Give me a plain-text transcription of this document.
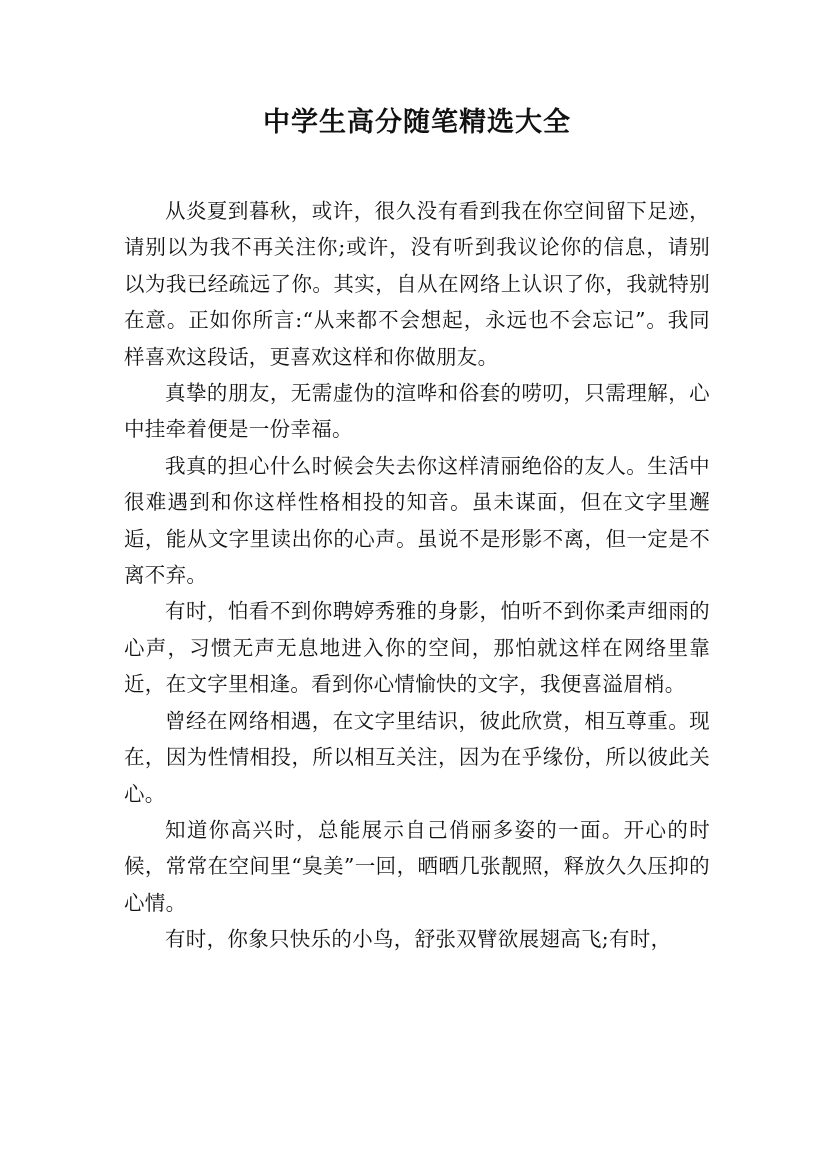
中学生高分随笔精选大全

从炎夏到暮秋，或许，很久没有看到我在你空间留下足迹，请别以为我不再关注你;或许，没有听到我议论你的信息，请别以为我已经疏远了你。其实，自从在网络上认识了你，我就特别在意。正如你所言:“从来都不会想起，永远也不会忘记”。我同样喜欢这段话，更喜欢这样和你做朋友。

真挚的朋友，无需虚伪的渲哗和俗套的唠叨，只需理解，心中挂牵着便是一份幸福。

我真的担心什么时候会失去你这样清丽绝俗的友人。生活中很难遇到和你这样性格相投的知音。虽未谋面，但在文字里邂逅，能从文字里读出你的心声。虽说不是形影不离，但一定是不离不弃。

有时，怕看不到你聘婷秀雅的身影，怕听不到你柔声细雨的心声，习惯无声无息地进入你的空间，那怕就这样在网络里靠近，在文字里相逢。看到你心情愉快的文字，我便喜溢眉梢。

曾经在网络相遇，在文字里结识，彼此欣赏，相互尊重。现在，因为性情相投，所以相互关注，因为在乎缘份，所以彼此关心。

知道你高兴时，总能展示自己俏丽多姿的一面。开心的时候，常常在空间里“臭美”一回，晒晒几张靓照，释放久久压抑的心情。

有时，你象只快乐的小鸟，舒张双臂欲展翅高飞;有时，
